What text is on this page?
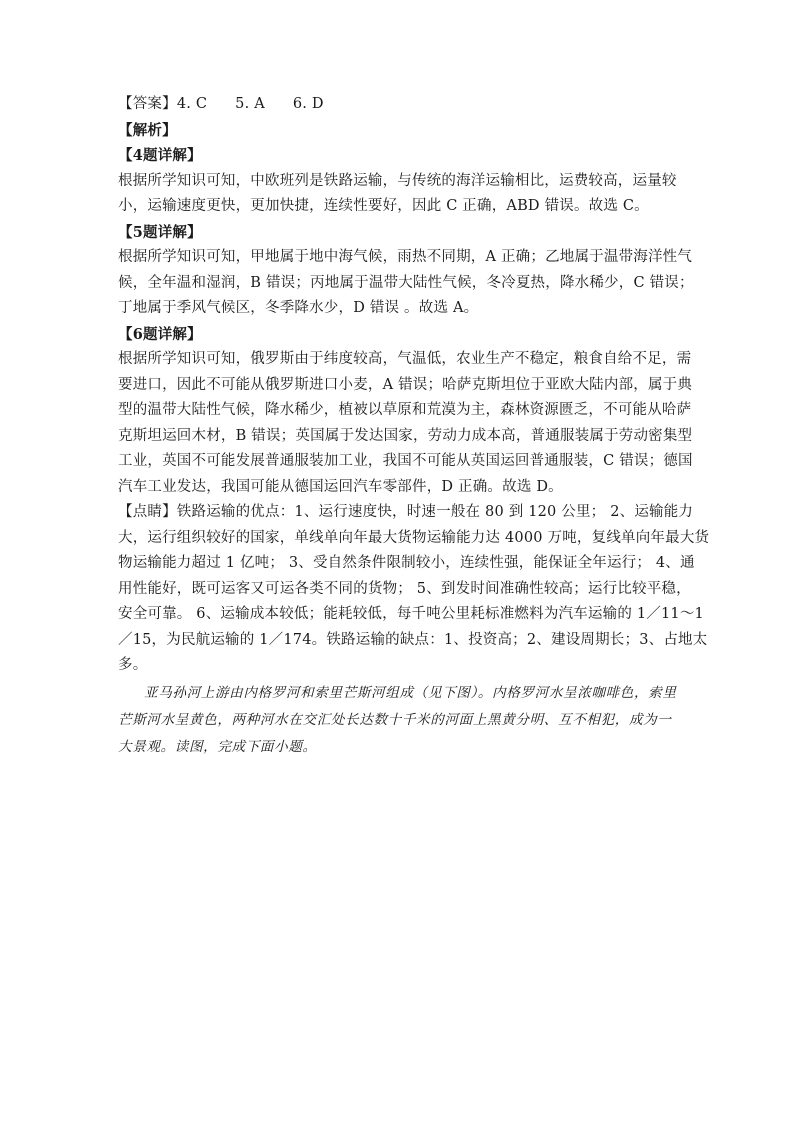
【答案】4. C 5. A 6. D
【解析】
【4题详解】
根据所学知识可知，中欧班列是铁路运输，与传统的海洋运输相比，运费较高，运量较
小，运输速度更快，更加快捷，连续性要好，因此 C 正确，ABD 错误。故选 C。
【5题详解】
根据所学知识可知，甲地属于地中海气候，雨热不同期，A 正确；乙地属于温带海洋性气
候，全年温和湿润，B 错误；丙地属于温带大陆性气候，冬冷夏热，降水稀少，C 错误；
丁地属于季风气候区，冬季降水少，D 错误 。故选 A。
【6题详解】
根据所学知识可知，俄罗斯由于纬度较高，气温低，农业生产不稳定，粮食自给不足，需
要进口，因此不可能从俄罗斯进口小麦，A 错误；哈萨克斯坦位于亚欧大陆内部，属于典
型的温带大陆性气候，降水稀少，植被以草原和荒漠为主，森林资源匮乏，不可能从哈萨
克斯坦运回木材，B 错误；英国属于发达国家，劳动力成本高，普通服装属于劳动密集型
工业，英国不可能发展普通服装加工业，我国不可能从英国运回普通服装，C 错误；德国
汽车工业发达，我国可能从德国运回汽车零部件，D 正确。故选 D。
【点睛】铁路运输的优点：1、运行速度快，时速一般在 80 到 120 公里； 2、运输能力
大，运行组织较好的国家，单线单向年最大货物运输能力达 4000 万吨，复线单向年最大货
物运输能力超过 1 亿吨； 3、受自然条件限制较小，连续性强，能保证全年运行； 4、通
用性能好，既可运客又可运各类不同的货物； 5、到发时间准确性较高；运行比较平稳，
安全可靠。 6、运输成本较低；能耗较低，每千吨公里耗标准燃料为汽车运输的 1／11～1
／15，为民航运输的 1／174。铁路运输的缺点：1、投资高；2、建设周期长；3、占地太
多。
亚马孙河上游由内格罗河和索里芒斯河组成（见下图）。内格罗河水呈浓咖啡色，索里
芒斯河水呈黄色，两种河水在交汇处长达数十千米的河面上黑黄分明、互不相犯，成为一
大景观。读图，完成下面小题。
